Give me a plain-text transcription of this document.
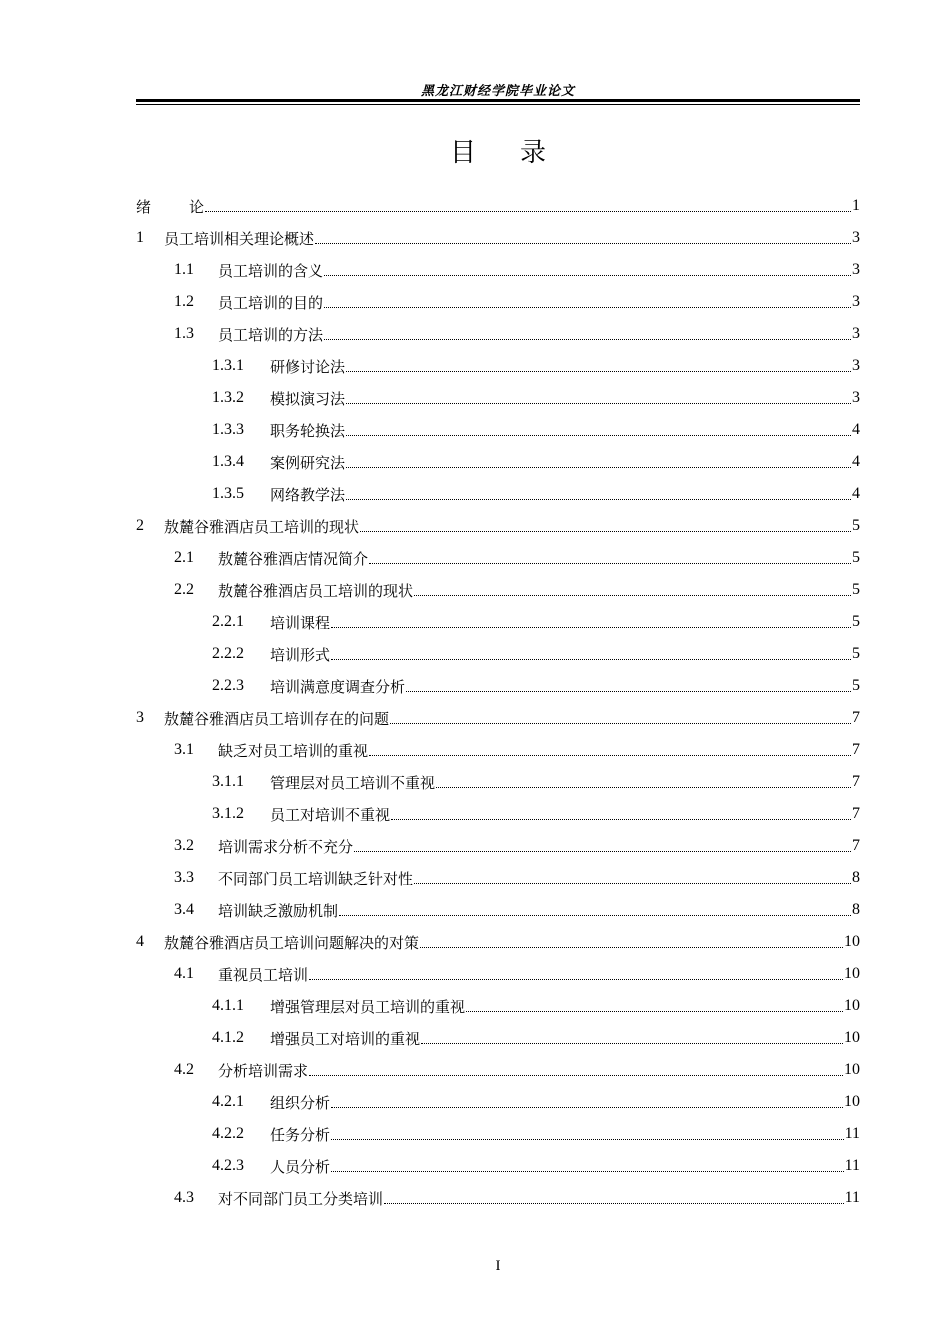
黑龙江财经学院毕业论文
目 录
绪	论	1
1	员工培训相关理论概述	3
1.1	员工培训的含义	3
1.2	员工培训的目的	3
1.3	员工培训的方法	3
1.3.1	研修讨论法	3
1.3.2	模拟演习法	3
1.3.3	职务轮换法	4
1.3.4	案例研究法	4
1.3.5	网络教学法	4
2	敖麓谷雅酒店员工培训的现状	5
2.1	敖麓谷雅酒店情况简介	5
2.2	敖麓谷雅酒店员工培训的现状	5
2.2.1	培训课程	5
2.2.2	培训形式	5
2.2.3	培训满意度调查分析	5
3	敖麓谷雅酒店员工培训存在的问题	7
3.1	缺乏对员工培训的重视	7
3.1.1	管理层对员工培训不重视	7
3.1.2	员工对培训不重视	7
3.2	培训需求分析不充分	7
3.3	不同部门员工培训缺乏针对性	8
3.4	培训缺乏激励机制	8
4	敖麓谷雅酒店员工培训问题解决的对策	10
4.1	重视员工培训	10
4.1.1	增强管理层对员工培训的重视	10
4.1.2	增强员工对培训的重视	10
4.2	分析培训需求	10
4.2.1	组织分析	10
4.2.2	任务分析	11
4.2.3	人员分析	11
4.3	对不同部门员工分类培训	11
I
